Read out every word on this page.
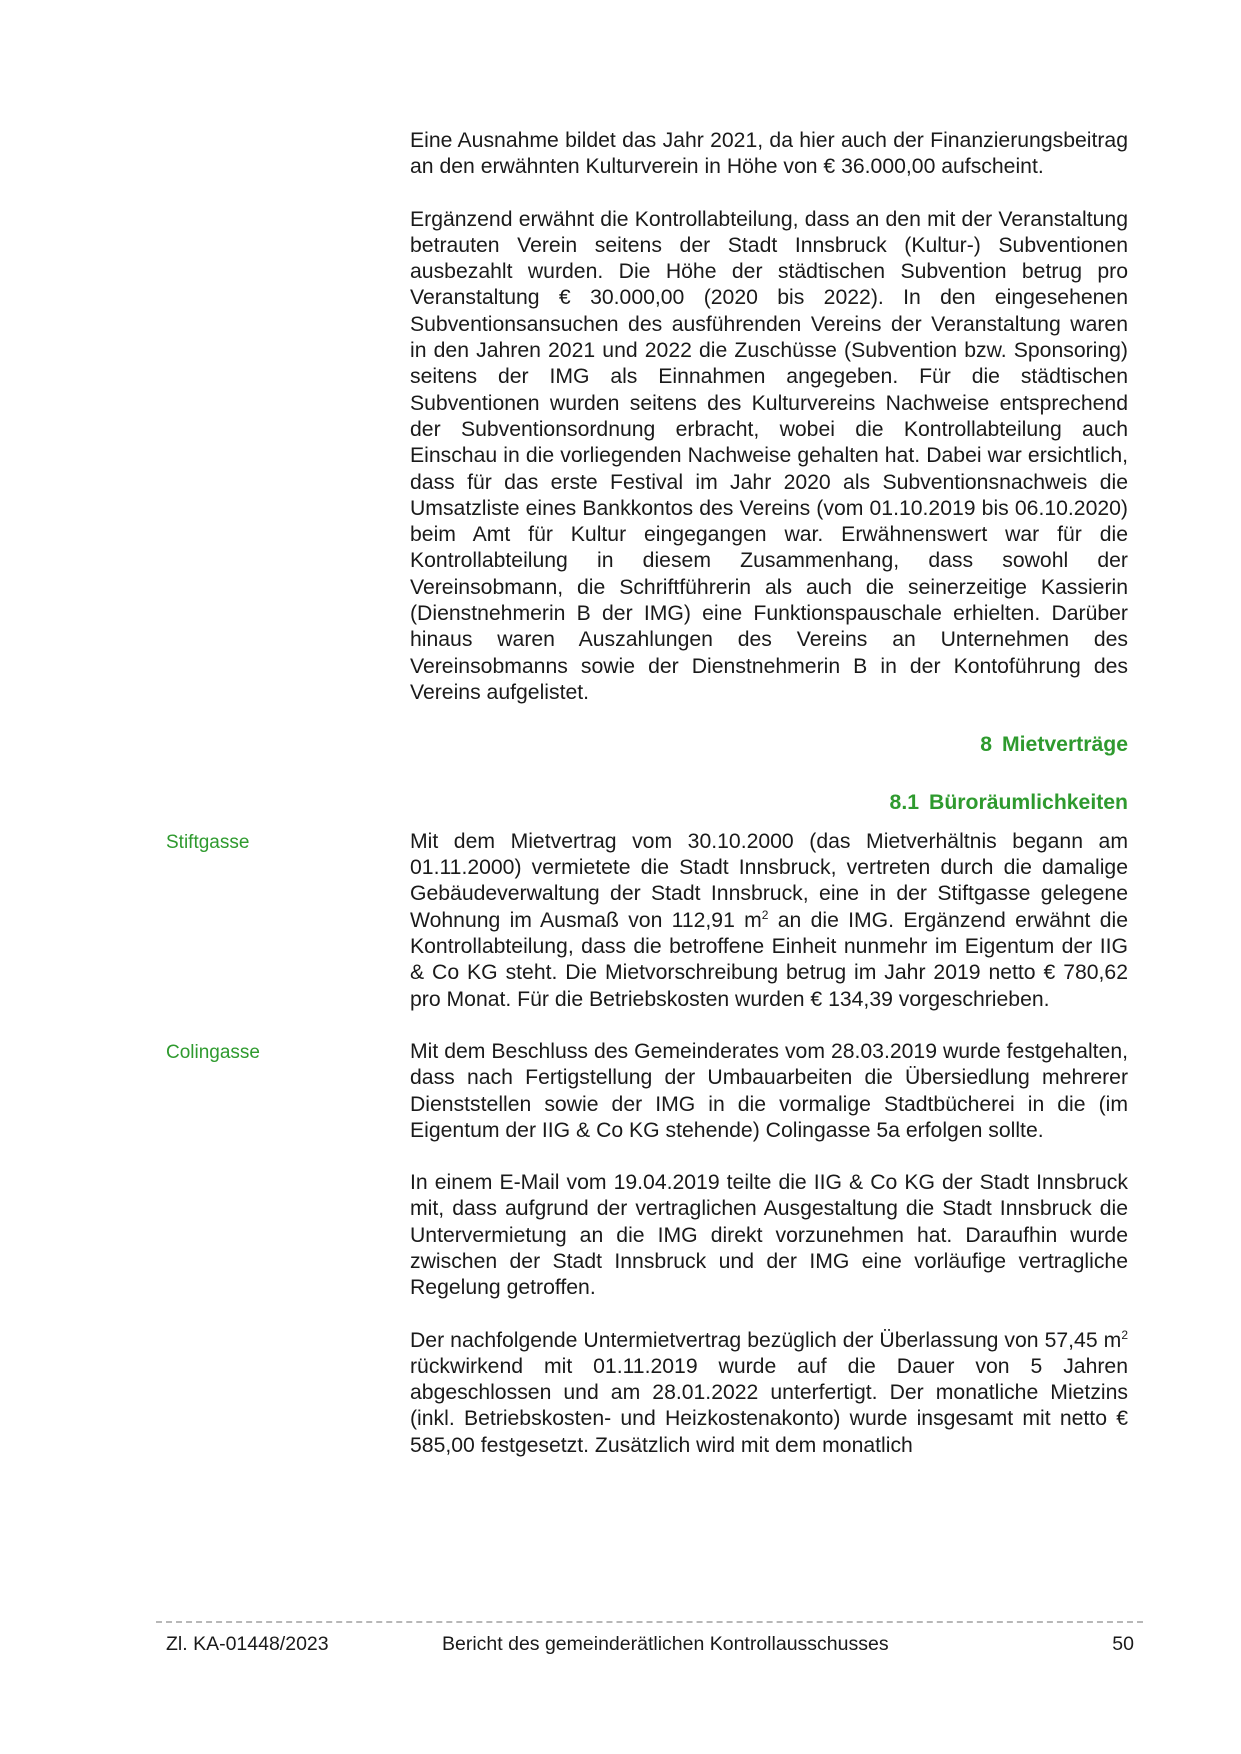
Eine Ausnahme bildet das Jahr 2021, da hier auch der Finanzierungsbeitrag an den erwähnten Kulturverein in Höhe von € 36.000,00 aufscheint.

Ergänzend erwähnt die Kontrollabteilung, dass an den mit der Veranstaltung betrauten Verein seitens der Stadt Innsbruck (Kultur-) Subventionen ausbezahlt wurden. Die Höhe der städtischen Subvention betrug pro Veranstaltung € 30.000,00 (2020 bis 2022). In den eingesehenen Subventionsansuchen des ausführenden Vereins der Veranstaltung waren in den Jahren 2021 und 2022 die Zuschüsse (Subvention bzw. Sponsoring) seitens der IMG als Einnahmen angegeben. Für die städtischen Subventionen wurden seitens des Kulturvereins Nachweise entsprechend der Subventionsordnung erbracht, wobei die Kontrollabteilung auch Einschau in die vorliegenden Nachweise gehalten hat. Dabei war ersichtlich, dass für das erste Festival im Jahr 2020 als Subventionsnachweis die Umsatzliste eines Bankkontos des Vereins (vom 01.10.2019 bis 06.10.2020) beim Amt für Kultur eingegangen war. Erwähnenswert war für die Kontrollabteilung in diesem Zusammenhang, dass sowohl der Vereinsobmann, die Schriftführerin als auch die seinerzeitige Kassierin (Dienstnehmerin B der IMG) eine Funktionspauschale erhielten. Darüber hinaus waren Auszahlungen des Vereins an Unternehmen des Vereinsobmanns sowie der Dienstnehmerin B in der Kontoführung des Vereins aufgelistet.

8 Mietverträge
8.1 Büroräumlichkeiten

Mit dem Mietvertrag vom 30.10.2000 (das Mietverhältnis begann am 01.11.2000) vermietete die Stadt Innsbruck, vertreten durch die damalige Gebäudeverwaltung der Stadt Innsbruck, eine in der Stiftgasse gelegene Wohnung im Ausmaß von 112,91 $m^2$ an die IMG. Ergänzend erwähnt die Kontrollabteilung, dass die betroffene Einheit nunmehr im Eigentum der IIG & Co KG steht. Die Mietvorschreibung betrug im Jahr 2019 netto € 780,62 pro Monat. Für die Betriebskosten wurden € 134,39 vorgeschrieben.

Mit dem Beschluss des Gemeinderates vom 28.03.2019 wurde festgehalten, dass nach Fertigstellung der Umbauarbeiten die Übersiedlung mehrerer Dienststellen sowie der IMG in die vormalige Stadtbücherei in die (im Eigentum der IIG & Co KG stehende) Colingasse 5a erfolgen sollte.

In einem E-Mail vom 19.04.2019 teilte die IIG & Co KG der Stadt Innsbruck mit, dass aufgrund der vertraglichen Ausgestaltung die Stadt Innsbruck die Untervermietung an die IMG direkt vorzunehmen hat. Daraufhin wurde zwischen der Stadt Innsbruck und der IMG eine vorläufige vertragliche Regelung getroffen.

Der nachfolgende Untermietvertrag bezüglich der Überlassung von 57,45 $m^2$ rückwirkend mit 01.11.2019 wurde auf die Dauer von 5 Jahren abgeschlossen und am 28.01.2022 unterfertigt. Der monatliche Mietzins (inkl. Betriebskosten- und Heizkostenakonto) wurde insgesamt mit netto € 585,00 festgesetzt. Zusätzlich wird mit dem monatlich

Stiftgasse
Colingasse
Zl. KA-01448/2023	Bericht des gemeinderätlichen Kontrollausschusses	50
